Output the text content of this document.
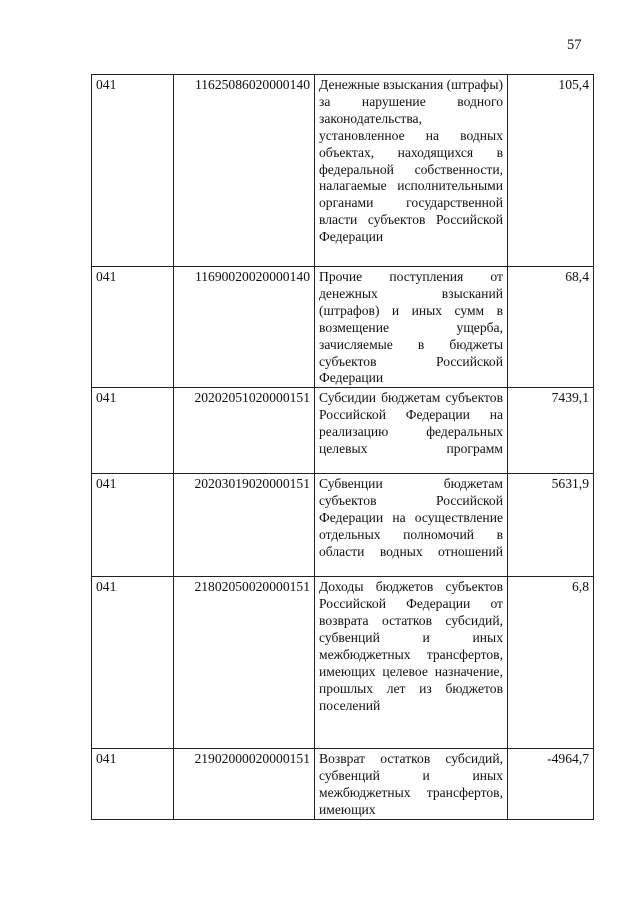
57
041	11625086020000140	Денежные взыскания (штрафы) за нарушение водного законодательства, установленное на водных объектах, находящихся в федеральной собственности, налагаемые исполнительными органами государственной власти субъектов Российской Федерации	105,4
041	11690020020000140	Прочие поступления от денежных взысканий (штрафов) и иных сумм в возмещение ущерба, зачисляемые в бюджеты субъектов Российской Федерации	68,4
041	20202051020000151	Субсидии бюджетам субъектов Российской Федерации на реализацию федеральных целевых программ	7439,1
041	20203019020000151	Субвенции бюджетам субъектов Российской Федерации на осуществление отдельных полномочий в области водных отношений	5631,9
041	21802050020000151	Доходы бюджетов субъектов Российской Федерации от возврата остатков субсидий, субвенций и иных межбюджетных трансфертов, имеющих целевое назначение, прошлых лет из бюджетов поселений	6,8
041	21902000020000151	Возврат остатков субсидий, субвенций и иных межбюджетных трансфертов, имеющих	-4964,7
